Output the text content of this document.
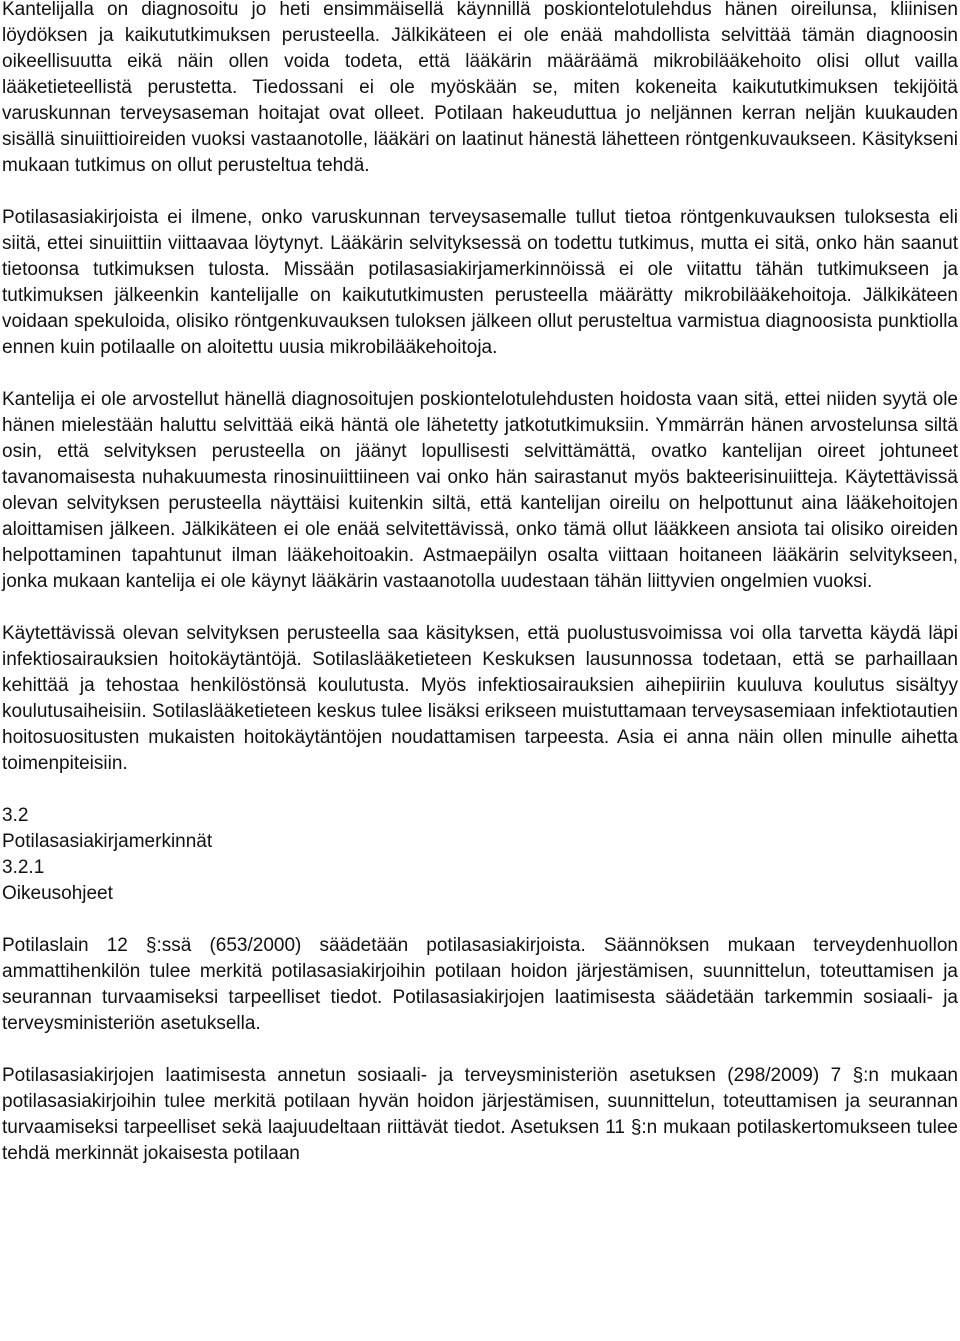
Kantelijalla on diagnosoitu jo heti ensimmäisellä käynnillä poskiontelotulehdus hänen oireilunsa, kliinisen löydöksen ja kaikututkimuksen perusteella. Jälkikäteen ei ole enää mahdollista selvittää tämän diagnoosin oikeellisuutta eikä näin ollen voida todeta, että lääkärin määräämä mikrobilääkehoito olisi ollut vailla lääketieteellistä perustetta. Tiedossani ei ole myöskään se, miten kokeneita kaikututkimuksen tekijöitä varuskunnan terveysaseman hoitajat ovat olleet. Potilaan hakeuduttua jo neljännen kerran neljän kuukauden sisällä sinuiittioireiden vuoksi vastaanotolle, lääkäri on laatinut hänestä lähetteen röntgenkuvaukseen. Käsitykseni mukaan tutkimus on ollut perusteltua tehdä.

Potilasasiakirjoista ei ilmene, onko varuskunnan terveysasemalle tullut tietoa röntgenkuvauksen tuloksesta eli siitä, ettei sinuiittiin viittaavaa löytynyt. Lääkärin selvityksessä on todettu tutkimus, mutta ei sitä, onko hän saanut tietoonsa tutkimuksen tulosta. Missään potilasasiakirjamerkinnöissä ei ole viitattu tähän tutkimukseen ja tutkimuksen jälkeenkin kantelijalle on kaikututkimusten perusteella määrätty mikrobilääkehoitoja. Jälkikäteen voidaan spekuloida, olisiko röntgenkuvauksen tuloksen jälkeen ollut perusteltua varmistua diagnoosista punktiolla ennen kuin potilaalle on aloitettu uusia mikrobilääkehoitoja.

Kantelija ei ole arvostellut hänellä diagnosoitujen poskiontelotulehdusten hoidosta vaan sitä, ettei niiden syytä ole hänen mielestään haluttu selvittää eikä häntä ole lähetetty jatkotutkimuksiin. Ymmärrän hänen arvostelunsa siltä osin, että selvityksen perusteella on jäänyt lopullisesti selvittämättä, ovatko kantelijan oireet johtuneet tavanomaisesta nuhakuumesta rinosinuiittiineen vai onko hän sairastanut myös bakteerisinuiitteja. Käytettävissä olevan selvityksen perusteella näyttäisi kuitenkin siltä, että kantelijan oireilu on helpottunut aina lääkehoitojen aloittamisen jälkeen. Jälkikäteen ei ole enää selvitettävissä, onko tämä ollut lääkkeen ansiota tai olisiko oireiden helpottaminen tapahtunut ilman lääkehoitoakin. Astmaepäilyn osalta viittaan hoitaneen lääkärin selvitykseen, jonka mukaan kantelija ei ole käynyt lääkärin vastaanotolla uudestaan tähän liittyvien ongelmien vuoksi.

Käytettävissä olevan selvityksen perusteella saa käsityksen, että puolustusvoimissa voi olla tarvetta käydä läpi infektiosairauksien hoitokäytäntöjä. Sotilaslääketieteen Keskuksen lausunnossa todetaan, että se parhaillaan kehittää ja tehostaa henkilöstönsä koulutusta. Myös infektiosairauksien aihepiiriin kuuluva koulutus sisältyy koulutusaiheisiin. Sotilaslääketieteen keskus tulee lisäksi erikseen muistuttamaan terveysasemiaan infektiotautien hoitosuositusten mukaisten hoitokäytäntöjen noudattamisen tarpeesta. Asia ei anna näin ollen minulle aihetta toimenpiteisiin.

3.2

Potilasasiakirjamerkinnät

3.2.1

Oikeusohjeet

Potilaslain 12 §:ssä (653/2000) säädetään potilasasiakirjoista. Säännöksen mukaan terveydenhuollon ammattihenkilön tulee merkitä potilasasiakirjoihin potilaan hoidon järjestämisen, suunnittelun, toteuttamisen ja seurannan turvaamiseksi tarpeelliset tiedot. Potilasasiakirjojen laatimisesta säädetään tarkemmin sosiaali- ja terveysministeriön asetuksella.

Potilasasiakirjojen laatimisesta annetun sosiaali- ja terveysministeriön asetuksen (298/2009) 7 §:n mukaan potilasasiakirjoihin tulee merkitä potilaan hyvän hoidon järjestämisen, suunnittelun, toteuttamisen ja seurannan turvaamiseksi tarpeelliset sekä laajuudeltaan riittävät tiedot. Asetuksen 11 §:n mukaan potilaskertomukseen tulee tehdä merkinnät jokaisesta potilaan
